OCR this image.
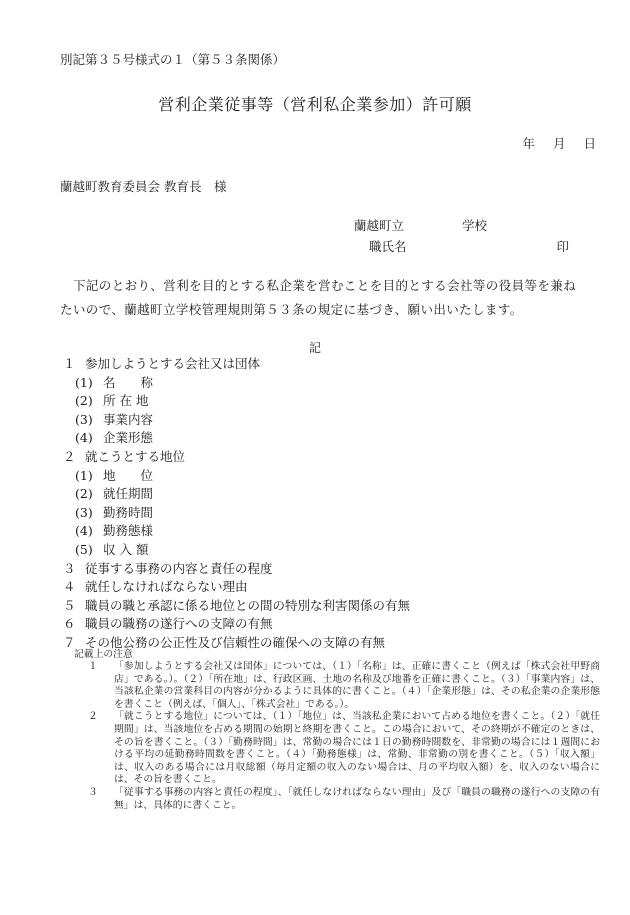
別記第３５号様式の１（第５３条関係）
営利企業従事等（営利私企業参加）許可願
年 月 日
蘭越町教育委員会 教育長　様
蘭越町立	学校
職氏名	印
下記のとおり、営利を目的とする私企業を営むことを目的とする会社等の役員等を兼ねたいので、蘭越町立学校管理規則第５３条の規定に基づき、願い出いたします。
記
１ 参加しようとする会社又は団体
(1) 名　　称
(2) 所 在 地
(3) 事業内容
(4) 企業形態
２ 就こうとする地位
(1) 地　　位
(2) 就任期間
(3) 勤務時間
(4) 勤務態様
(5) 収 入 額
３ 従事する事務の内容と責任の程度
４ 就任しなければならない理由
５ 職員の職と承認に係る地位との間の特別な利害関係の有無
６ 職員の職務の遂行への支障の有無
７ その他公務の公正性及び信頼性の確保への支障の有無
記載上の注意
１	「参加しようとする会社又は団体」については、（１）「名称」は、正確に書くこと（例えば「株式会社甲野商店」である。）。（２）「所在地」は、行政区画、土地の名称及び地番を正確に書くこと。（３）「事業内容」は、当該私企業の営業科目の内容が分かるように具体的に書くこと。（４）「企業形態」は、その私企業の企業形態を書くこと（例えば、「個人」、「株式会社」である。）。
２	「就こうとする地位」については、（１）「地位」は、当該私企業において占める地位を書くこと。（２）「就任期間」は、当該地位を占める期間の始期と終期を書くこと。この場合において、その終期が不確定のときは、その旨を書くこと。（３）「勤務時間」は、常勤の場合には１日の勤務時間数を、非常勤の場合には１週間における平均の延勤務時間数を書くこと。（４）「勤務態様」は、常勤、非常勤の別を書くこと。（５）「収入額」は、収入のある場合には月収総額（毎月定額の収入のない場合は、月の平均収入額）を、収入のない場合には、その旨を書くこと。
３	「従事する事務の内容と責任の程度」、「就任しなければならない理由」及び「職員の職務の遂行への支障の有無」は、具体的に書くこと。
